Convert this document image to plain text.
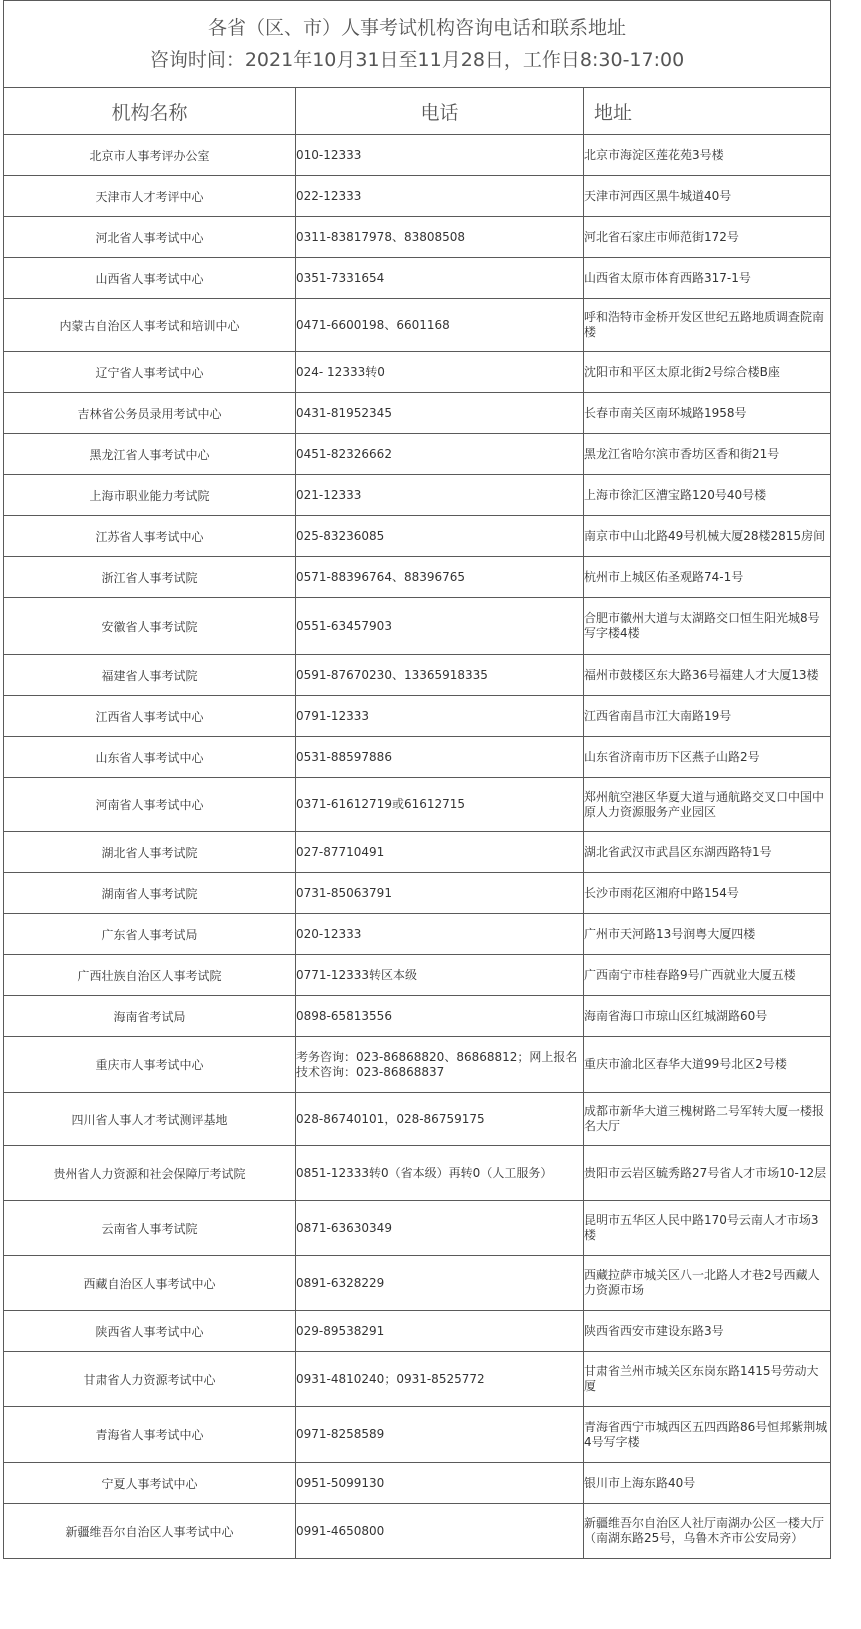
各省（区、市）人事考试机构咨询电话和联系地址
咨询时间：2021年10月31日至11月28日，工作日8:30-17:00		

机构名称	电话	地址
北京市人事考评办公室	010-12333	北京市海淀区莲花苑3号楼
天津市人才考评中心	022-12333	天津市河西区黑牛城道40号
河北省人事考试中心	0311-83817978、83808508	河北省石家庄市师范街172号
山西省人事考试中心	0351-7331654	山西省太原市体育西路317-1号
内蒙古自治区人事考试和培训中心	0471-6600198、6601168	呼和浩特市金桥开发区世纪五路地质调查院南楼
辽宁省人事考试中心	024- 12333转0	沈阳市和平区太原北街2号综合楼B座
吉林省公务员录用考试中心	0431-81952345	长春市南关区南环城路1958号
黑龙江省人事考试中心	0451-82326662	黑龙江省哈尔滨市香坊区香和街21号
上海市职业能力考试院	021-12333	上海市徐汇区漕宝路120号40号楼
江苏省人事考试中心	025-83236085	南京市中山北路49号机械大厦28楼2815房间
浙江省人事考试院	0571-88396764、88396765	杭州市上城区佑圣观路74-1号
安徽省人事考试院	0551-63457903	合肥市徽州大道与太湖路交口恒生阳光城8号写字楼4楼
福建省人事考试院	0591-87670230、13365918335	福州市鼓楼区东大路36号福建人才大厦13楼
江西省人事考试中心	0791-12333	江西省南昌市江大南路19号
山东省人事考试中心	0531-88597886	山东省济南市历下区燕子山路2号
河南省人事考试中心	0371-61612719或61612715	郑州航空港区华夏大道与通航路交叉口中国中原人力资源服务产业园区
湖北省人事考试院	027-87710491	湖北省武汉市武昌区东湖西路特1号
湖南省人事考试院	0731-85063791	长沙市雨花区湘府中路154号
广东省人事考试局	020-12333	广州市天河路13号润粤大厦四楼
广西壮族自治区人事考试院	0771-12333转区本级	广西南宁市桂春路9号广西就业大厦五楼
海南省考试局	0898-65813556	海南省海口市琼山区红城湖路60号
重庆市人事考试中心	考务咨询：023-86868820、86868812；网上报名技术咨询：023-86868837	重庆市渝北区春华大道99号北区2号楼
四川省人事人才考试测评基地	028-86740101，028-86759175	成都市新华大道三槐树路二号军转大厦一楼报名大厅
贵州省人力资源和社会保障厅考试院	0851-12333转0（省本级）再转0（人工服务）	贵阳市云岩区毓秀路27号省人才市场10-12层
云南省人事考试院	0871-63630349	昆明市五华区人民中路170号云南人才市场3楼
西藏自治区人事考试中心	0891-6328229	西藏拉萨市城关区八一北路人才巷2号西藏人力资源市场
陕西省人事考试中心	029-89538291	陕西省西安市建设东路3号
甘肃省人力资源考试中心	0931-4810240；0931-8525772	甘肃省兰州市城关区东岗东路1415号劳动大厦
青海省人事考试中心	0971-8258589	青海省西宁市城西区五四西路86号恒邦紫荆城4号写字楼
宁夏人事考试中心	0951-5099130	银川市上海东路40号
新疆维吾尔自治区人事考试中心	0991-4650800	新疆维吾尔自治区人社厅南湖办公区一楼大厅（南湖东路25号，乌鲁木齐市公安局旁）
